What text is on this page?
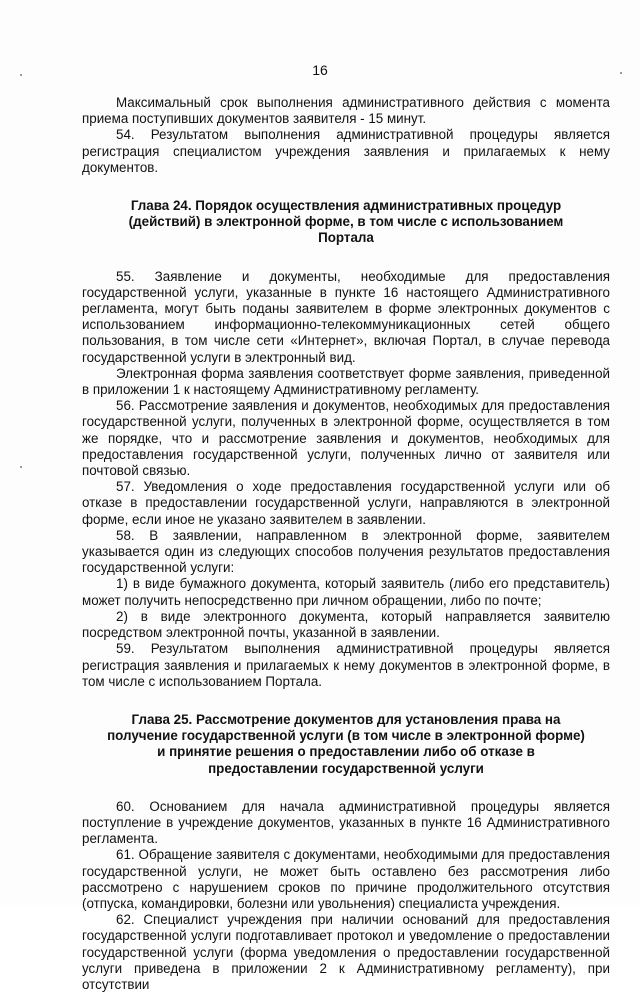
16

Максимальный срок выполнения административного действия с момента приема поступивших документов заявителя - 15 минут.

54. Результатом выполнения административной процедуры является регистрация специалистом учреждения заявления и прилагаемых к нему документов.

Глава 24. Порядок осуществления административных процедур (действий) в электронной форме, в том числе с использованием Портала

55. Заявление и документы, необходимые для предоставления государственной услуги, указанные в пункте 16 настоящего Административного регламента, могут быть поданы заявителем в форме электронных документов с использованием информационно-телекоммуникационных сетей общего пользования, в том числе сети «Интернет», включая Портал, в случае перевода государственной услуги в электронный вид.

Электронная форма заявления соответствует форме заявления, приведенной в приложении 1 к настоящему Административному регламенту.

56. Рассмотрение заявления и документов, необходимых для предоставления государственной услуги, полученных в электронной форме, осуществляется в том же порядке, что и рассмотрение заявления и документов, необходимых для предоставления государственной услуги, полученных лично от заявителя или почтовой связью.

57. Уведомления о ходе предоставления государственной услуги или об отказе в предоставлении государственной услуги, направляются в электронной форме, если иное не указано заявителем в заявлении.

58. В заявлении, направленном в электронной форме, заявителем указывается один из следующих способов получения результатов предоставления государственной услуги:

1) в виде бумажного документа, который заявитель (либо его представитель) может получить непосредственно при личном обращении, либо по почте;

2) в виде электронного документа, который направляется заявителю посредством электронной почты, указанной в заявлении.

59. Результатом выполнения административной процедуры является регистрация заявления и прилагаемых к нему документов в электронной форме, в том числе с использованием Портала.

Глава 25. Рассмотрение документов для установления права на получение государственной услуги (в том числе в электронной форме) и принятие решения о предоставлении либо об отказе в предоставлении государственной услуги

60. Основанием для начала административной процедуры является поступление в учреждение документов, указанных в пункте 16 Административного регламента.

61. Обращение заявителя с документами, необходимыми для предоставления государственной услуги, не может быть оставлено без рассмотрения либо рассмотрено с нарушением сроков по причине продолжительного отсутствия (отпуска, командировки, болезни или увольнения) специалиста учреждения.

62. Специалист учреждения при наличии оснований для предоставления государственной услуги подготавливает протокол и уведомление о предоставлении государственной услуги (форма уведомления о предоставлении государственной услуги приведена в приложении 2 к Административному регламенту), при отсутствии
